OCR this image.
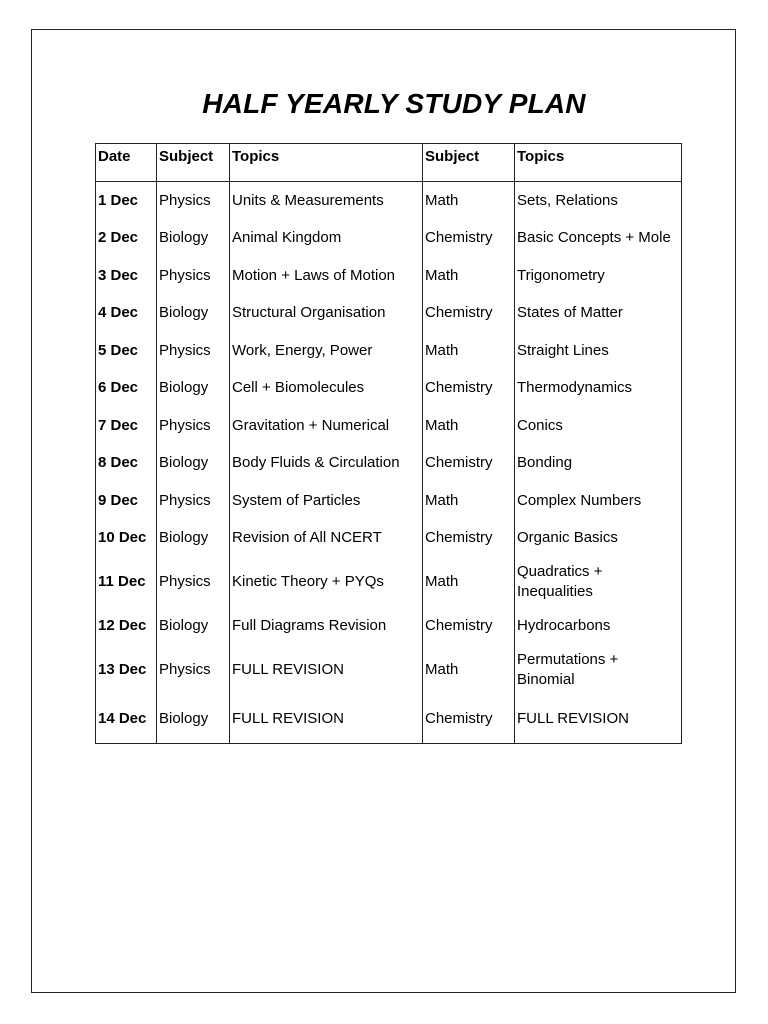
HALF YEARLY STUDY PLAN
Date	Subject	Topics	Subject	Topics
1 Dec	Physics	Units & Measurements	Math	Sets, Relations
2 Dec	Biology	Animal Kingdom	Chemistry	Basic Concepts + Mole
3 Dec	Physics	Motion + Laws of Motion	Math	Trigonometry
4 Dec	Biology	Structural Organisation	Chemistry	States of Matter
5 Dec	Physics	Work, Energy, Power	Math	Straight Lines
6 Dec	Biology	Cell + Biomolecules	Chemistry	Thermodynamics
7 Dec	Physics	Gravitation + Numerical	Math	Conics
8 Dec	Biology	Body Fluids & Circulation	Chemistry	Bonding
9 Dec	Physics	System of Particles	Math	Complex Numbers
10 Dec	Biology	Revision of All NCERT	Chemistry	Organic Basics
11 Dec	Physics	Kinetic Theory + PYQs	Math	Quadratics + Inequalities
12 Dec	Biology	Full Diagrams Revision	Chemistry	Hydrocarbons
13 Dec	Physics	FULL REVISION	Math	Permutations + Binomial
14 Dec	Biology	FULL REVISION	Chemistry	FULL REVISION
